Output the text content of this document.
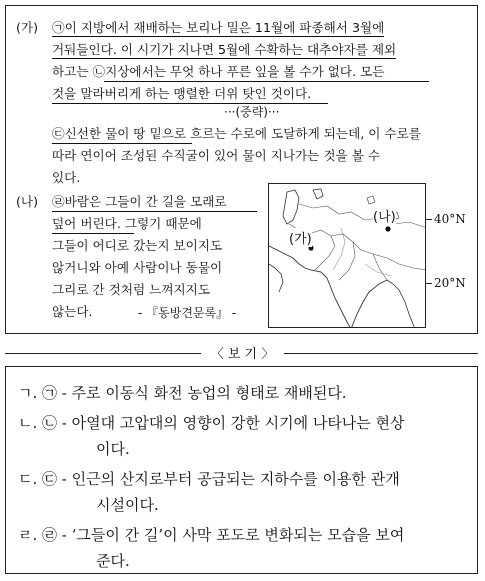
(가) ㉠이 지방에서 재배하는 보리나 밀은 11월에 파종해서 3월에
거둬들인다. 이 시기가 지나면 5월에 수확하는 대추야자를 제외
하고는 ㉡지상에서는 무엇 하나 푸른 잎을 볼 수가 없다. 모든
것을 말라버리게 하는 맹렬한 더위 탓인 것이다.
···(중략)···
㉢신선한 물이 땅 밑으로 흐르는 수로에 도달하게 되는데, 이 수로를
따라 연이어 조성된 수직굴이 있어 물이 지나가는 것을 볼 수
있다.
(나) ㉣바람은 그들이 간 길을 모래로
덮어 버린다. 그렇기 때문에
그들이 어디로 갔는지 보이지도
않거니와 아예 사람이나 동물이
그리로 간 것처럼 느껴지지도
않는다.	- 『동방견문록』 -
(가)
(나)	40°N
20°N
〈 보 기 〉
ㄱ. ㉠ - 주로 이동식 화전 농업의 형태로 재배된다.
ㄴ. ㉡ - 아열대 고압대의 영향이 강한 시기에 나타나는 현상
이다.
ㄷ. ㉢ - 인근의 산지로부터 공급되는 지하수를 이용한 관개
시설이다.
ㄹ. ㉣ - ‘그들이 간 길’이 사막 포도로 변화되는 모습을 보여
준다.
